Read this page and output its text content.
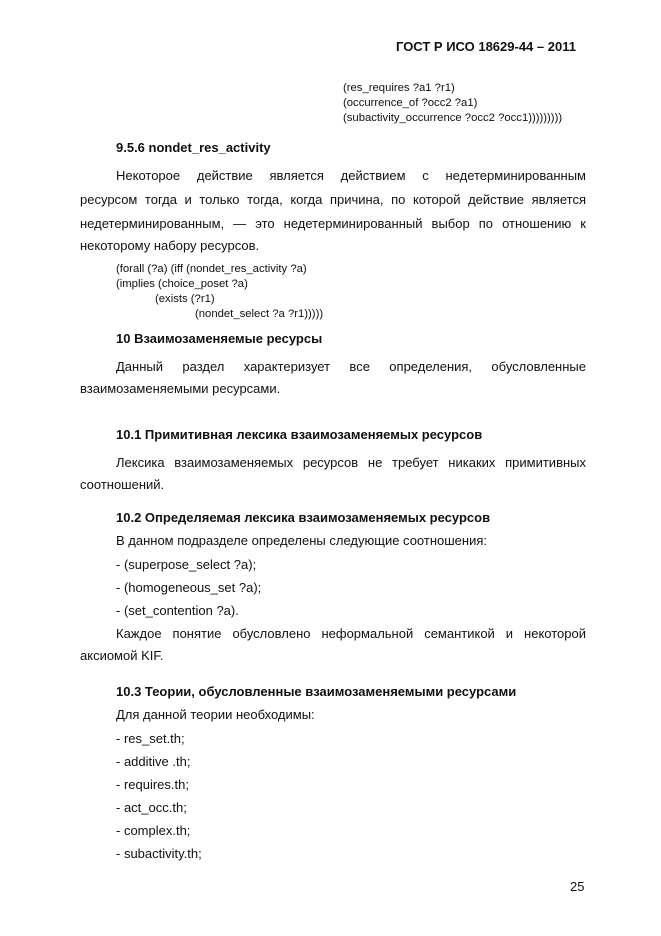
ГОСТ Р ИСО 18629-44 – 2011
(res_requires ?a1 ?r1)
(occurrence_of ?occ2 ?a1)
(subactivity_occurrence ?occ2 ?occ1)))))))))
9.5.6 nondet_res_activity
Некоторое действие является действием с недетерминированным
ресурсом тогда и только тогда, когда причина, по которой действие является
недетерминированным, — это недетерминированный выбор по отношению к
некоторому набору ресурсов.
(forall (?a) (iff (nondet_res_activity ?a)
(implies (choice_poset ?a)
(exists (?r1)
(nondet_select ?a ?r1)))))
10 Взаимозаменяемые ресурсы
Данный раздел характеризует все определения, обусловленные
взаимозаменяемыми ресурсами.
10.1 Примитивная лексика взаимозаменяемых ресурсов
Лексика взаимозаменяемых ресурсов не требует никаких примитивных
соотношений.
10.2 Определяемая лексика взаимозаменяемых ресурсов
В данном подразделе определены следующие соотношения:
- (superpose_select ?a);
- (homogeneous_set ?a);
- (set_contention ?a).
Каждое понятие обусловлено неформальной семантикой и некоторой
аксиомой KIF.
10.3 Теории, обусловленные взаимозаменяемыми ресурсами
Для данной теории необходимы:
- res_set.th;
- additive .th;
- requires.th;
- act_occ.th;
- complex.th;
- subactivity.th;
25
